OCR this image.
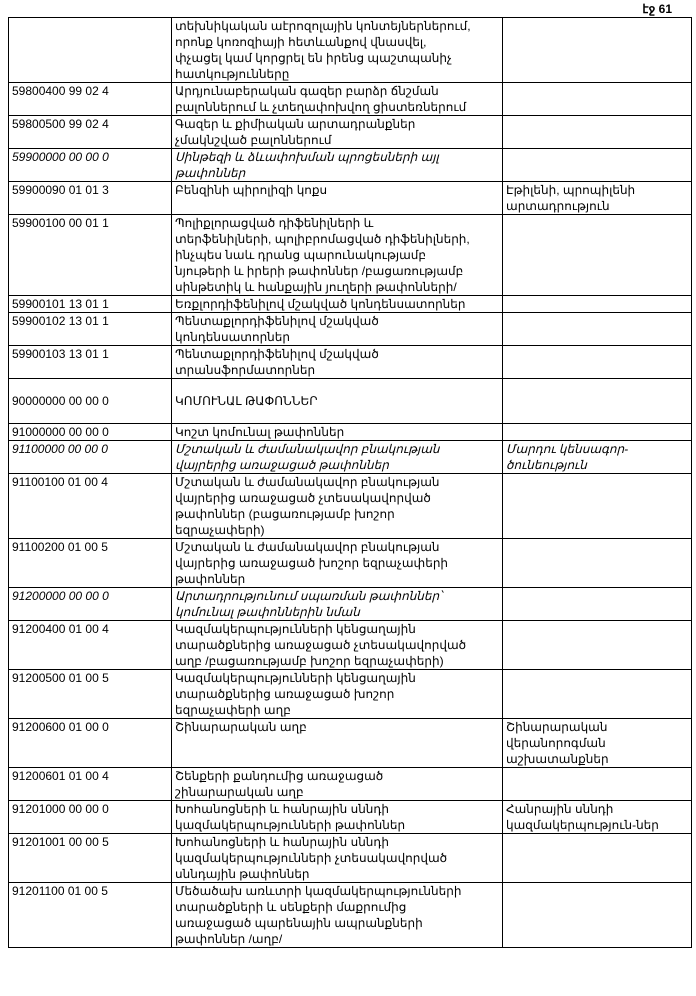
էջ 61
	տեխնիկական աէրոզոլային կոնտեյներներում,
որոնք կոռոզիայի հետևանքով վնասվել,
փչացել կամ կորցրել են իրենց պաշտպանիչ
հատկությունները	
59800400 99 02 4	Արդյունաբերական գազեր բարձր ճնշման
բալոններում և չտեղափոխվող ցիստեռներում	
59800500 99 02 4	Գազեր և քիմիական արտադրանքներ
չմակնշված բալոններում	
59900000 00 00 0	Սինթեզի և ձևափոխման պրոցեսների այլ
թափոններ	
59900090 01 01 3	Բենզինի պիրոլիզի կոքս	Էթիլենի, պրոպիլենի
արտադրություն
59900100 00 01 1	Պոլիքլորացված դիֆենիլների և
տերֆենիլների, պոլիբրոմացված դիֆենիլների,
ինչպես նաև դրանց պարունակությամբ
նյութերի և իրերի թափոններ /բացառությամբ
սինթետիկ և հանքային յուղերի թափոնների/	
59900101 13 01 1	Եռքլորդիֆենիլով մշակված կոնդենսատորներ	
59900102 13 01 1	Պենտաքլորդիֆենիլով մշակված
կոնդենսատորներ	
59900103 13 01 1	Պենտաքլորդիֆենիլով մշակված
տրանսֆորմատորներ	
90000000 00 00 0	ԿՈՄՈՒՆԱԼ ԹԱՓՈՆՆԵՐ	
91000000 00 00 0	Կոշտ կոմունալ թափոններ	
91100000 00 00 0	Մշտական և ժամանակավոր բնակության
վայրերից առաջացած թափոններ	Մարդու կենսագոր-
ծունեություն
91100100 01 00 4	Մշտական և ժամանակավոր բնակության
վայրերից առաջացած չտեսակավորված
թափոններ (բացառությամբ խոշոր
եզրաչափերի)	
91100200 01 00 5	Մշտական և ժամանակավոր բնակության
վայրերից առաջացած խոշոր եզրաչափերի
թափոններ	
91200000 00 00 0	Արտադրությունում սպառման թափոններ՝
կոմունալ թափոններին նման	
91200400 01 00 4	Կազմակերպությունների կենցաղային
տարածքներից առաջացած չտեսակավորված
աղբ /բացառությամբ խոշոր եզրաչափերի)	
91200500 01 00 5	Կազմակերպությունների կենցաղային
տարածքներից առաջացած խոշոր
եզրաչափերի աղբ	
91200600 01 00 0	Շինարարական աղբ	Շինարարական
վերանորոգման
աշխատանքներ
91200601 01 00 4	Շենքերի քանդումից առաջացած
շինարարական աղբ	
91201000 00 00 0	Խոհանոցների և հանրային սննդի
կազմակերպությունների թափոններ	Հանրային սննդի
կազմակերպություն-ներ
91201001 00 00 5	Խոհանոցների և հանրային սննդի
կազմակերպությունների չտեսակավորված
սննդային թափոններ	
91201100 01 00 5	Մեծածախ առևտրի կազմակերպությունների
տարածքների և սենքերի մաքրումից
առաջացած պարենային ապրանքների
թափոններ /աղբ/	
